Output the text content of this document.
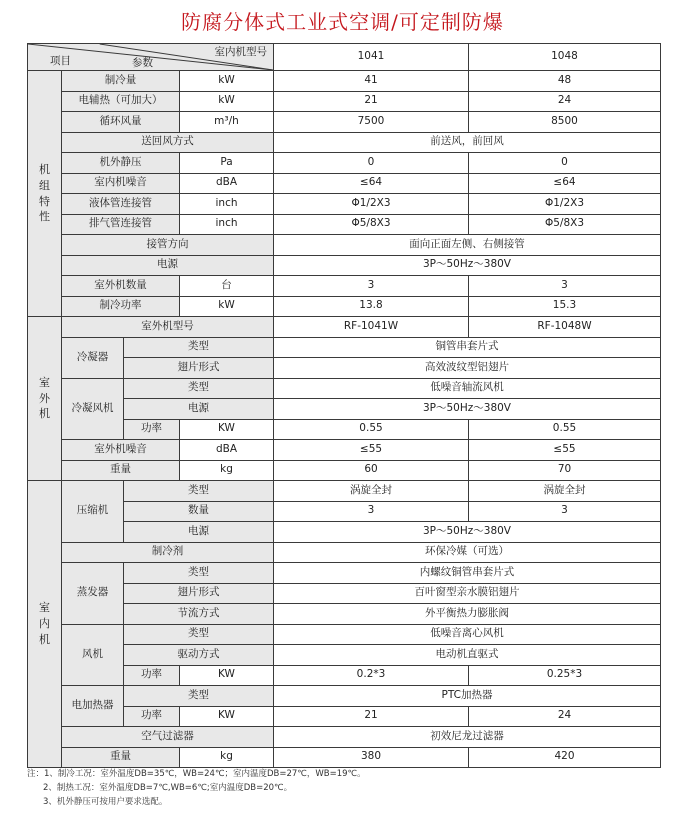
防腐分体式工业式空调/可定制防爆
项目 参数
室内机型号				1041	1048
机
组
特
性	制冷量		kW	41	48
	电辅热（可加大）		kW	21	24
	循环风量		m³/h	7500	8500
	送回风方式			前送风，前回风	
	机外静压		Pa	0	0
	室内机噪音		dBA	≤64	≤64
	液体管连接管		inch	Φ1/2X3	Φ1/2X3
	排气管连接管		inch	Φ5/8X3	Φ5/8X3
	接管方向			面向正面左侧、右侧接管	
	电源			3P～50Hz～380V	
	室外机数量		台	3	3
	制冷功率		kW	13.8	15.3
室
外
机	室外机型号			RF-1041W	RF-1048W
	冷凝器	类型		铜管串套片式	
		翅片形式		高效波纹型铝翅片	
	冷凝风机	类型		低噪音轴流风机	
		电源		3P～50Hz～380V	
		功率	KW	0.55	0.55
	室外机噪音		dBA	≤55	≤55
	重量		kg	60	70
室
内
机	压缩机	类型		涡旋全封	涡旋全封
		数量		3	3
		电源		3P～50Hz～380V	
	制冷剂			环保冷媒（可选）	
	蒸发器	类型		内螺纹铜管串套片式	
		翅片形式		百叶窗型亲水膜铝翅片	
		节流方式		外平衡热力膨胀阀	
	风机	类型		低噪音离心风机	
		驱动方式		电动机直驱式	
		功率	KW	0.2*3	0.25*3
	电加热器	类型		PTC加热器	
		功率	KW	21	24
	空气过滤器			初效尼龙过滤器	
	重量		kg	380	420
注：1、制冷工况：室外温度DB=35℃，WB=24℃；室内温度DB=27℃，WB=19℃。
2、制热工况：室外温度DB=7℃,WB=6℃;室内温度DB=20℃。
3、机外静压可按用户要求选配。
